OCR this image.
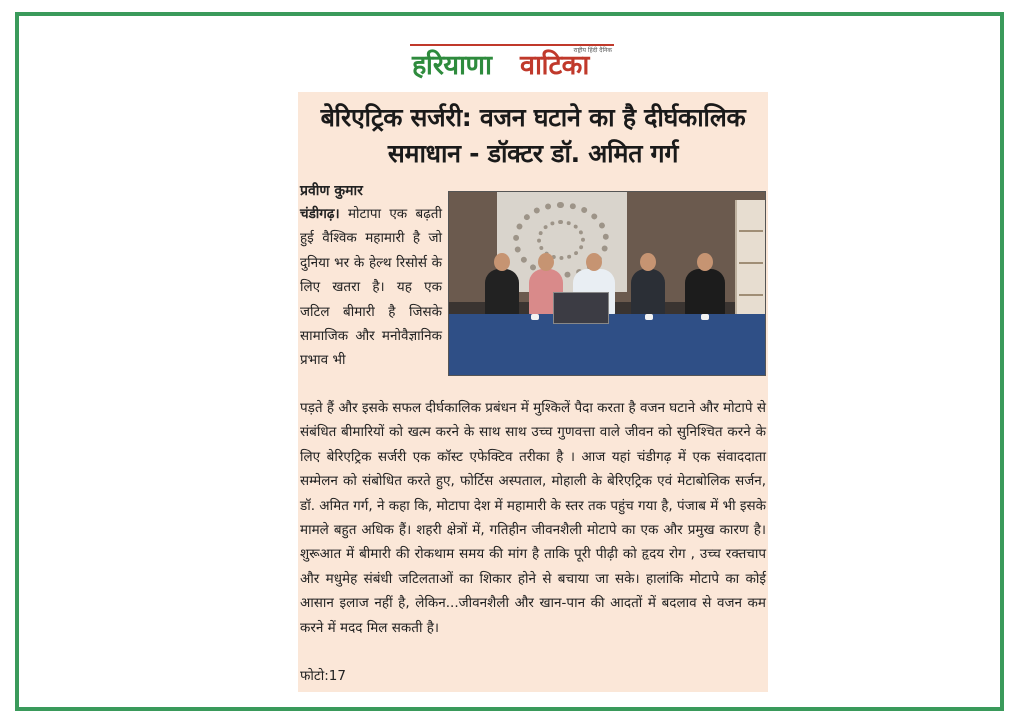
राष्ट्रीय हिंदी दैनिक
हरियाणा वाटिका
बेरिएट्रिक सर्जरी: वजन घटाने का है दीर्घकालिक
समाधान - डॉक्टर डॉ. अमित गर्ग
प्रवीण कुमार
चंडीगढ़। मोटापा एक बढ़ती हुई वैश्विक महामारी है जो दुनिया भर के हेल्थ रिसोर्स के लिए खतरा है। यह एक जटिल बीमारी है जिसके सामाजिक और मनोवैज्ञानिक प्रभाव भी
पड़ते हैं और इसके सफल दीर्घकालिक प्रबंधन में मुश्किलें पैदा करता है वजन घटाने और मोटापे से संबंधित बीमारियों को खत्म करने के साथ साथ उच्च गुणवत्ता वाले जीवन को सुनिश्चित करने के लिए बेरिएट्रिक सर्जरी एक कॉस्ट एफेक्टिव तरीका है । आज यहां चंडीगढ़ में एक संवाददाता सम्मेलन को संबोधित करते हुए, फोर्टिस अस्पताल, मोहाली के बेरिएट्रिक एवं मेटाबोलिक सर्जन, डॉ. अमित गर्ग, ने कहा कि, मोटापा देश में महामारी के स्तर तक पहुंच गया है, पंजाब में भी इसके मामले बहुत अधिक हैं। शहरी क्षेत्रों में, गतिहीन जीवनशैली मोटापे का एक और प्रमुख कारण है। शुरूआत में बीमारी की रोकथाम समय की मांग है ताकि पूरी पीढ़ी को हृदय रोग , उच्च रक्तचाप और मधुमेह संबंधी जटिलताओं का शिकार होने से बचाया जा सके। हालांकि मोटापे का कोई आसान इलाज नहीं है, लेकिन...जीवनशैली और खान-पान की आदतों में बदलाव से वजन कम करने में मदद मिल सकती है।
फोटो:17
